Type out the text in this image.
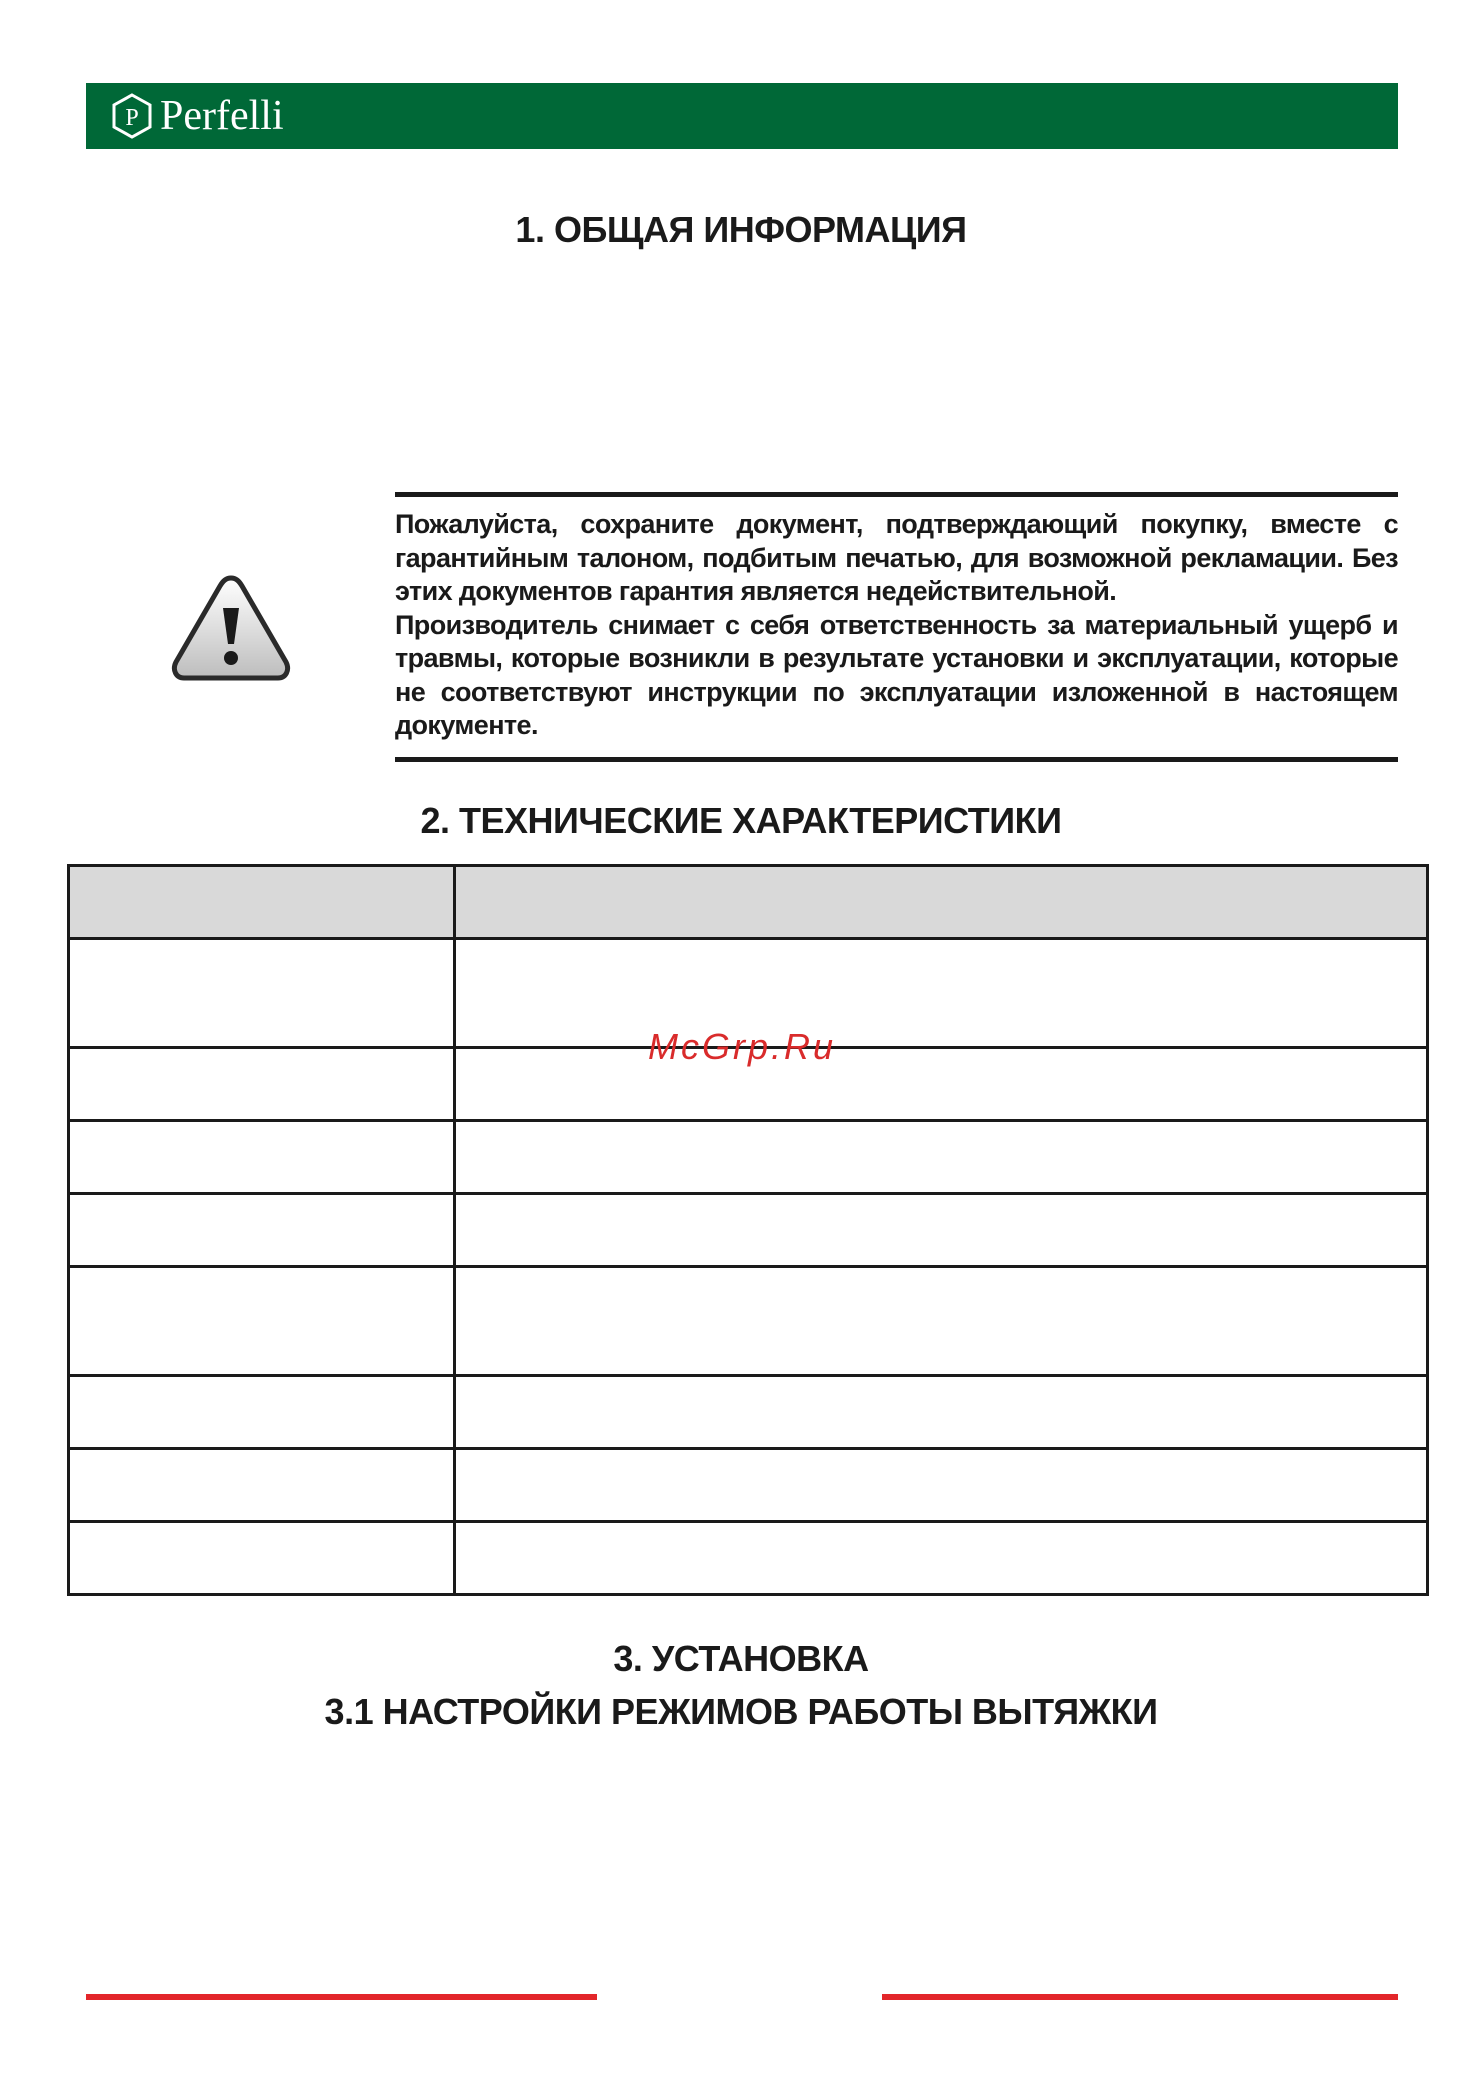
P Perfelli
1. ОБЩАЯ ИНФОРМАЦИЯ

Пожалуйста, сохраните документ, подтверждающий покупку, вместе с гарантийным талоном, подбитым печатью, для возможной рекламации. Без этих документов гарантия является недействительной.

Производитель снимает с себя ответственность за материальный ущерб и травмы, которые возникли в результате установки и эксплуатации, которые не соответствуют инструкции по эксплуатации изложенной в настоящем документе.

2. ТЕХНИЧЕСКИЕ ХАРАКТЕРИСТИКИ

McGrp.Ru
3. УСТАНОВКА
3.1 НАСТРОЙКИ РЕЖИМОВ РАБОТЫ ВЫТЯЖКИ
